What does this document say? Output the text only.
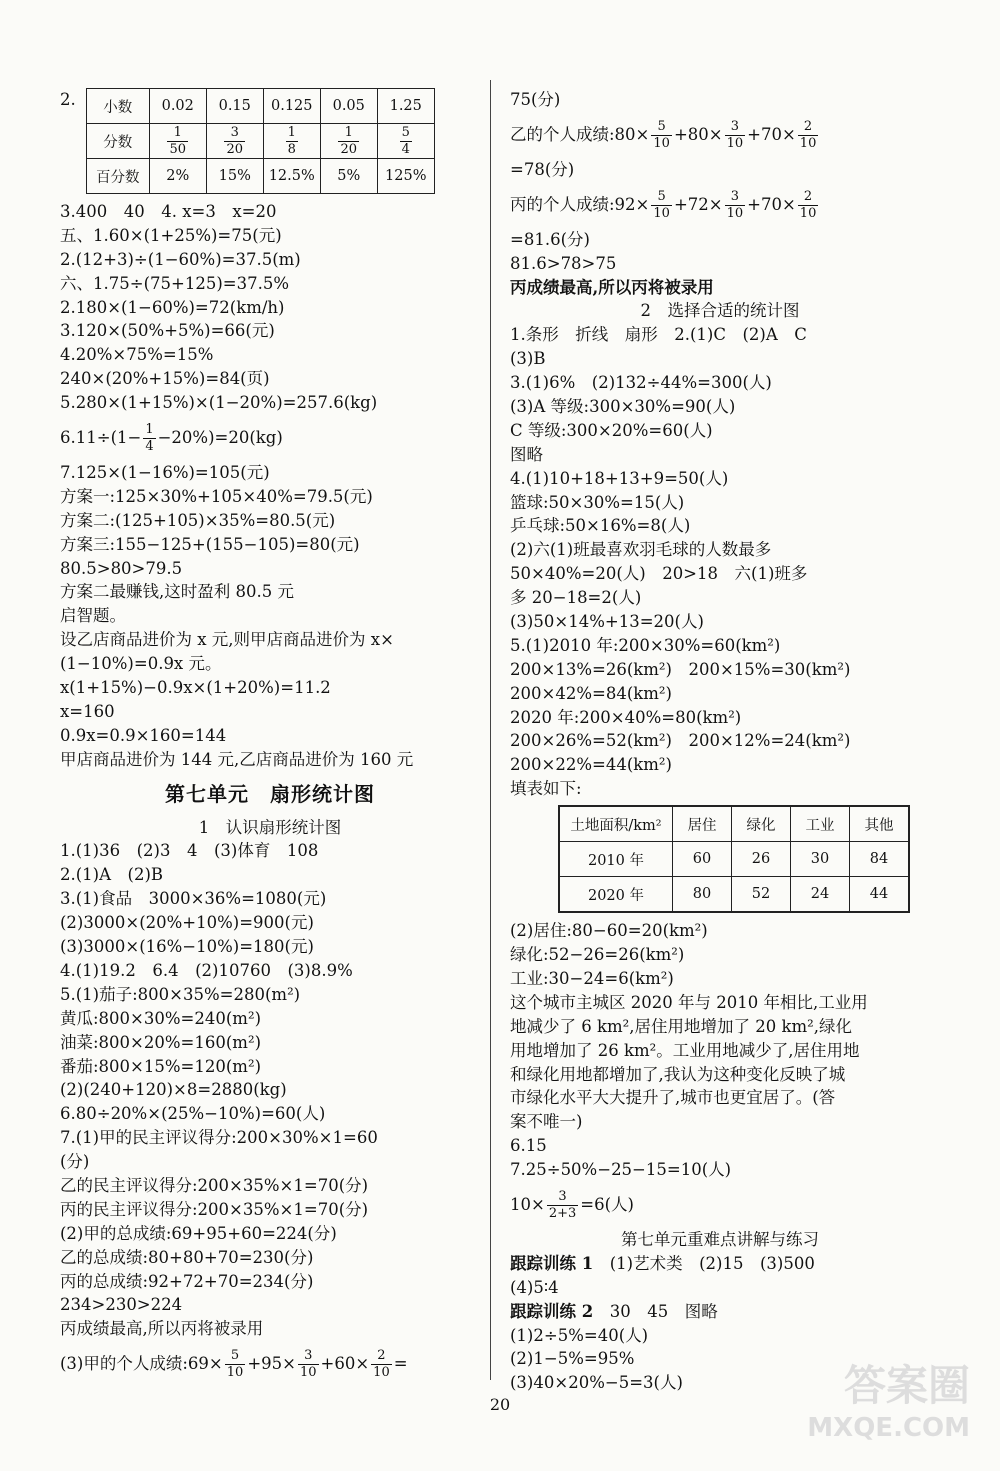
2. 小数	0.02	0.15	0.125	0.05	1.25
分数	$\frac{1}{50}$	$\frac{3}{20}$	$\frac{1}{8}$	$\frac{1}{20}$	$\frac{5}{4}$

百分数	2%	15%	12.5%	5%	125%
3.400　40　4. x=3　x=20
五、1.60×(1+25%)=75(元)
2.(12+3)÷(1−60%)=37.5(m)
六、1.75÷(75+125)=37.5%
2.180×(1−60%)=72(km/h)
3.120×(50%+5%)=66(元)
4.20%×75%=15%
240×(20%+15%)=84(页)
5.280×(1+15%)×(1−20%)=257.6(kg)
$6.11\div(1- \frac{1}{4} -20\%)=20(kg)$
7.125×(1−16%)=105(元)
方案一:125×30%+105×40%=79.5(元)
方案二:(125+105)×35%=80.5(元)
方案三:155−125+(155−105)=80(元)
80.5>80>79.5
方案二最赚钱,这时盈利 80.5 元
启智题。
设乙店商品进价为 x 元,则甲店商品进价为 x×
(1−10%)=0.9x 元。
x(1+15%)−0.9x×(1+20%)=11.2
x=160
0.9x=0.9×160=144
甲店商品进价为 144 元,乙店商品进价为 160 元
第七单元　扇形统计图
1　认识扇形统计图
1.(1)36　(2)3　4　(3)体育　108
2.(1)A　(2)B
3.(1)食品　3000×36%=1080(元)
(2)3000×(20%+10%)=900(元)
(3)3000×(16%−10%)=180(元)
4.(1)19.2　6.4　(2)10760　(3)8.9%
5.(1)茄子:800×35%=280(m²)
黄瓜:800×30%=240(m²)
油菜:800×20%=160(m²)
番茄:800×15%=120(m²)
(2)(240+120)×8=2880(kg)
6.80÷20%×(25%−10%)=60(人)
7.(1)甲的民主评议得分:200×30%×1=60
(分)
乙的民主评议得分:200×35%×1=70(分)
丙的民主评议得分:200×35%×1=70(分)
(2)甲的总成绩:69+95+60=224(分)
乙的总成绩:80+80+70=230(分)
丙的总成绩:92+72+70=234(分)
234>230>224
丙成绩最高,所以丙将被录用
(3)甲的个人成绩:69× $\frac{5}{10} +95\times \frac{3}{10} +60\times \frac{2}{10}$ =
75(分)
乙的个人成绩:80× $\frac{5}{10} +80\times \frac{3}{10} +70\times \frac{2}{10}$
=78(分)
丙的个人成绩:92× $\frac{5}{10} +72\times \frac{3}{10} +70\times \frac{2}{10}$
=81.6(分)
81.6>78>75
丙成绩最高,所以丙将被录用
2　选择合适的统计图
1.条形　折线　扇形　2.(1)C　(2)A　C
(3)B
3.(1)6%　(2)132÷44%=300(人)
(3)A 等级:300×30%=90(人)
C 等级:300×20%=60(人)
图略
4.(1)10+18+13+9=50(人)
篮球:50×30%=15(人)
乒乓球:50×16%=8(人)
(2)六(1)班最喜欢羽毛球的人数最多
50×40%=20(人)　20>18　六(1)班多
多 20−18=2(人)
(3)50×14%+13=20(人)
5.(1)2010 年:200×30%=60(km²)
200×13%=26(km²)　200×15%=30(km²)
200×42%=84(km²)
2020 年:200×40%=80(km²)
200×26%=52(km²)　200×12%=24(km²)
200×22%=44(km²)
填表如下:
土地面积/km²	居住	绿化	工业	其他
2010 年	60	26	30	84
2020 年	80	52	24	44
(2)居住:80−60=20(km²)
绿化:52−26=26(km²)
工业:30−24=6(km²)
这个城市主城区 2020 年与 2010 年相比,工业用
地减少了 6 km²,居住用地增加了 20 km²,绿化
用地增加了 26 km²。工业用地减少了,居住用地
和绿化用地都增加了,我认为这种变化反映了城
市绿化水平大大提升了,城市也更宜居了。(答
案不唯一)
6.15
7.25÷50%−25−15=10(人)
$10\times \frac{3}{2+3} =6$(人)
第七单元重难点讲解与练习
跟踪训练 1　 (1)艺术类　(2)15　(3)500
(4)5∶4
跟踪训练 2　 30　45　图略
(1)2÷5%=40(人)
(2)1−5%=95%
(3)40×20%−5=3(人)
20	答案圈
MXQE.COM
